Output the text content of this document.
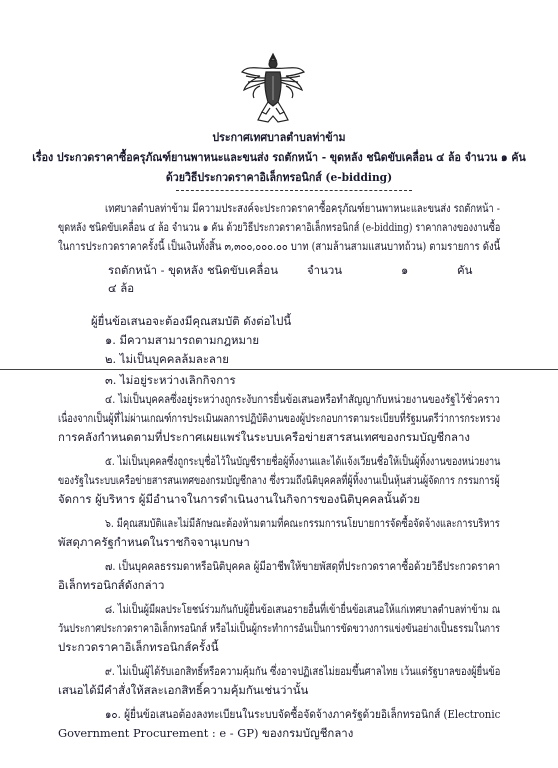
ประกาศเทศบาลตำบลท่าข้าม
เรื่อง ประกวดราคาซื้อครุภัณฑ์ยานพาหนะและขนส่ง รถตักหน้า - ขุดหลัง ชนิดขับเคลื่อน ๔ ล้อ จำนวน ๑ คัน
ด้วยวิธีประกวดราคาอิเล็กทรอนิกส์ (e-bidding)
เทศบาลตำบลท่าข้าม มีความประสงค์จะประกวดราคาซื้อครุภัณฑ์ยานพาหนะและขนส่ง รถตักหน้า -
ขุดหลัง ชนิดขับเคลื่อน ๔ ล้อ จำนวน ๑ คัน ด้วยวิธีประกวดราคาอิเล็กทรอนิกส์ (e-bidding) ราคากลางของงานซื้อ
ในการประกวดราคาครั้งนี้ เป็นเงินทั้งสิ้น ๓,๓๐๐,๐๐๐.๐๐ บาท (สามล้านสามแสนบาทถ้วน) ตามรายการ ดังนี้
รถตักหน้า - ขุดหลัง ชนิดขับเคลื่อน	จำนวน	๑	คัน
๔ ล้อ
ผู้ยื่นข้อเสนอจะต้องมีคุณสมบัติ ดังต่อไปนี้
๑. มีความสามารถตามกฎหมาย
๒. ไม่เป็นบุคคลล้มละลาย
๓. ไม่อยู่ระหว่างเลิกกิจการ
๔. ไม่เป็นบุคคลซึ่งอยู่ระหว่างถูกระงับการยื่นข้อเสนอหรือทำสัญญากับหน่วยงานของรัฐไว้ชั่วคราว
เนื่องจากเป็นผู้ที่ไม่ผ่านเกณฑ์การประเมินผลการปฏิบัติงานของผู้ประกอบการตามระเบียบที่รัฐมนตรีว่าการกระทรวง
การคลังกำหนดตามที่ประกาศเผยแพร่ในระบบเครือข่ายสารสนเทศของกรมบัญชีกลาง
๕. ไม่เป็นบุคคลซึ่งถูกระบุชื่อไว้ในบัญชีรายชื่อผู้ทิ้งงานและได้แจ้งเวียนชื่อให้เป็นผู้ทิ้งงานของหน่วยงาน
ของรัฐในระบบเครือข่ายสารสนเทศของกรมบัญชีกลาง ซึ่งรวมถึงนิติบุคคลที่ผู้ทิ้งงานเป็นหุ้นส่วนผู้จัดการ กรรมการผู้
จัดการ ผู้บริหาร ผู้มีอำนาจในการดำเนินงานในกิจการของนิติบุคคลนั้นด้วย
๖. มีคุณสมบัติและไม่มีลักษณะต้องห้ามตามที่คณะกรรมการนโยบายการจัดซื้อจัดจ้างและการบริหาร
พัสดุภาครัฐกำหนดในราชกิจจานุเบกษา
๗. เป็นบุคคลธรรมดาหรือนิติบุคคล ผู้มีอาชีพให้ขายพัสดุที่ประกวดราคาซื้อด้วยวิธีประกวดราคา
อิเล็กทรอนิกส์ดังกล่าว
๘. ไม่เป็นผู้มีผลประโยชน์ร่วมกันกับผู้ยื่นข้อเสนอรายอื่นที่เข้ายื่นข้อเสนอให้แก่เทศบาลตำบลท่าข้าม ณ
วันประกาศประกวดราคาอิเล็กทรอนิกส์ หรือไม่เป็นผู้กระทำการอันเป็นการขัดขวางการแข่งขันอย่างเป็นธรรมในการ
ประกวดราคาอิเล็กทรอนิกส์ครั้งนี้
๙. ไม่เป็นผู้ได้รับเอกสิทธิ์หรือความคุ้มกัน ซึ่งอาจปฏิเสธไม่ยอมขึ้นศาลไทย เว้นแต่รัฐบาลของผู้ยื่นข้อ
เสนอได้มีคำสั่งให้สละเอกสิทธิ์ความคุ้มกันเช่นว่านั้น
๑๐. ผู้ยื่นข้อเสนอต้องลงทะเบียนในระบบจัดซื้อจัดจ้างภาครัฐด้วยอิเล็กทรอนิกส์ (Electronic
Government Procurement : e - GP) ของกรมบัญชีกลาง
